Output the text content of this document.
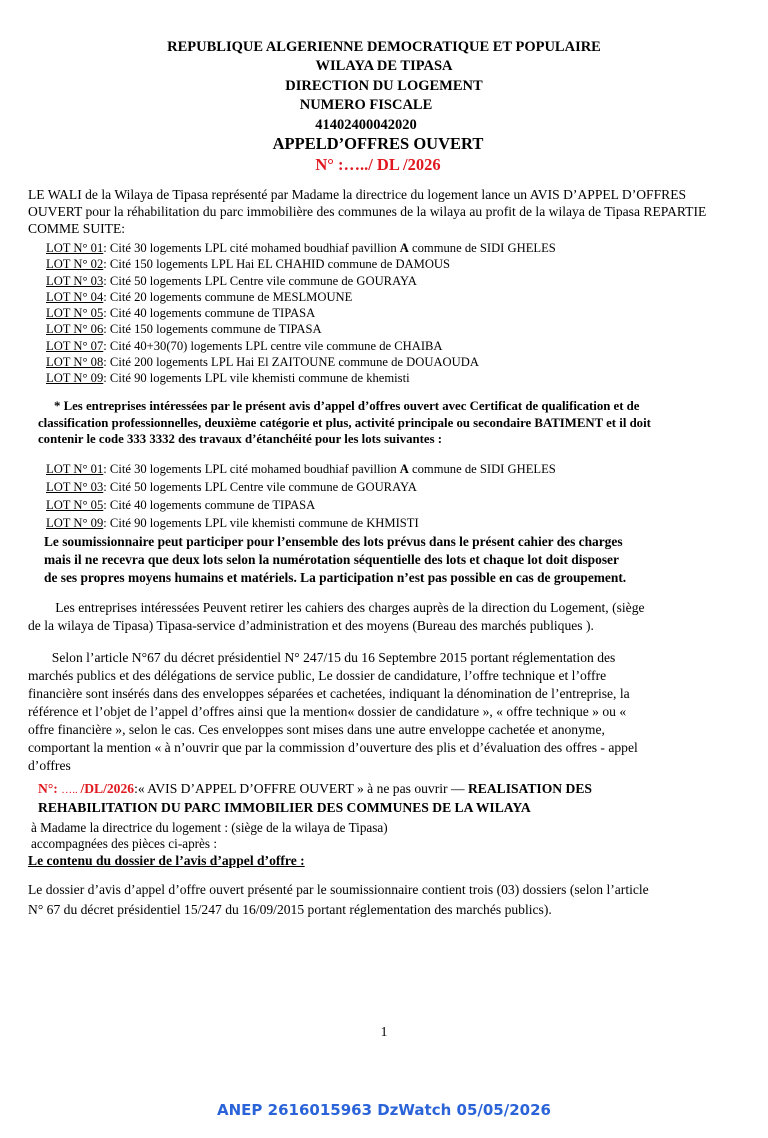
REPUBLIQUE ALGERIENNE DEMOCRATIQUE ET POPULAIRE
WILAYA DE TIPASA
DIRECTION DU LOGEMENT
NUMERO FISCALE
41402400042020
APPELD’OFFRES OUVERT
N° :…../ DL /2026
LE WALI de la Wilaya de Tipasa représenté par Madame la directrice du logement lance un AVIS D’APPEL D’OFFRES OUVERT pour la réhabilitation du parc immobilière des communes de la wilaya au profit de la wilaya de Tipasa REPARTIE COMME SUITE:
LOT N° 01: Cité 30 logements LPL cité mohamed boudhiaf pavillion A commune de SIDI GHELES
LOT N° 02: Cité 150 logements LPL Hai EL CHAHID commune de DAMOUS
LOT N° 03: Cité 50 logements LPL Centre vile commune de GOURAYA
LOT N° 04: Cité 20 logements commune de MESLMOUNE
LOT N° 05: Cité 40 logements commune de TIPASA
LOT N° 06: Cité 150 logements commune de TIPASA
LOT N° 07: Cité 40+30(70) logements LPL centre vile commune de CHAIBA
LOT N° 08: Cité 200 logements LPL Hai El ZAITOUNE commune de DOUAOUDA
LOT N° 09: Cité 90 logements LPL vile khemisti commune de khemisti
* Les entreprises intéressées par le présent avis d’appel d’offres ouvert avec Certificat de qualification et de
classification professionnelles, deuxième catégorie et plus, activité principale ou secondaire BATIMENT et il doit
contenir le code 333 3332 des travaux d’étanchéité pour les lots suivantes :
LOT N° 01: Cité 30 logements LPL cité mohamed boudhiaf pavillion A commune de SIDI GHELES
LOT N° 03: Cité 50 logements LPL Centre vile commune de GOURAYA
LOT N° 05: Cité 40 logements commune de TIPASA
LOT N° 09: Cité 90 logements LPL vile khemisti commune de KHMISTI
Le soumissionnaire peut participer pour l’ensemble des lots prévus dans le présent cahier des charges
mais il ne recevra que deux lots selon la numérotation séquentielle des lots et chaque lot doit disposer
de ses propres moyens humains et matériels. La participation n’est pas possible en cas de groupement.
Les entreprises intéressées Peuvent retirer les cahiers des charges auprès de la direction du Logement, (siège
de la wilaya de Tipasa) Tipasa-service d’administration et des moyens (Bureau des marchés publiques ).
Selon l’article N°67 du décret présidentiel N° 247/15 du 16 Septembre 2015 portant réglementation des
marchés publics et des délégations de service public, Le dossier de candidature, l’offre technique et l’offre
financière sont insérés dans des enveloppes séparées et cachetées, indiquant la dénomination de l’entreprise, la
référence et l’objet de l’appel d’offres ainsi que la mention« dossier de candidature », « offre technique » ou «
offre financière », selon le cas. Ces enveloppes sont mises dans une autre enveloppe cachetée et anonyme,
comportant la mention « à n’ouvrir que par la commission d’ouverture des plis et d’évaluation des offres - appel
d’offres
N°: ….. /DL/2026:« AVIS D’APPEL D’OFFRE OUVERT » à ne pas ouvrir — REALISATION DES
REHABILITATION DU PARC IMMOBILIER DES COMMUNES DE LA WILAYA
à Madame la directrice du logement : (siège de la wilaya de Tipasa)
accompagnées des pièces ci-après :
Le contenu du dossier de l’avis d’appel d’offre :
Le dossier d’avis d’appel d’offre ouvert présenté par le soumissionnaire contient trois (03) dossiers (selon l’article
N° 67 du décret présidentiel 15/247 du 16/09/2015 portant réglementation des marchés publics).
1
ANEP 2616015963 DzWatch 05/05/2026
